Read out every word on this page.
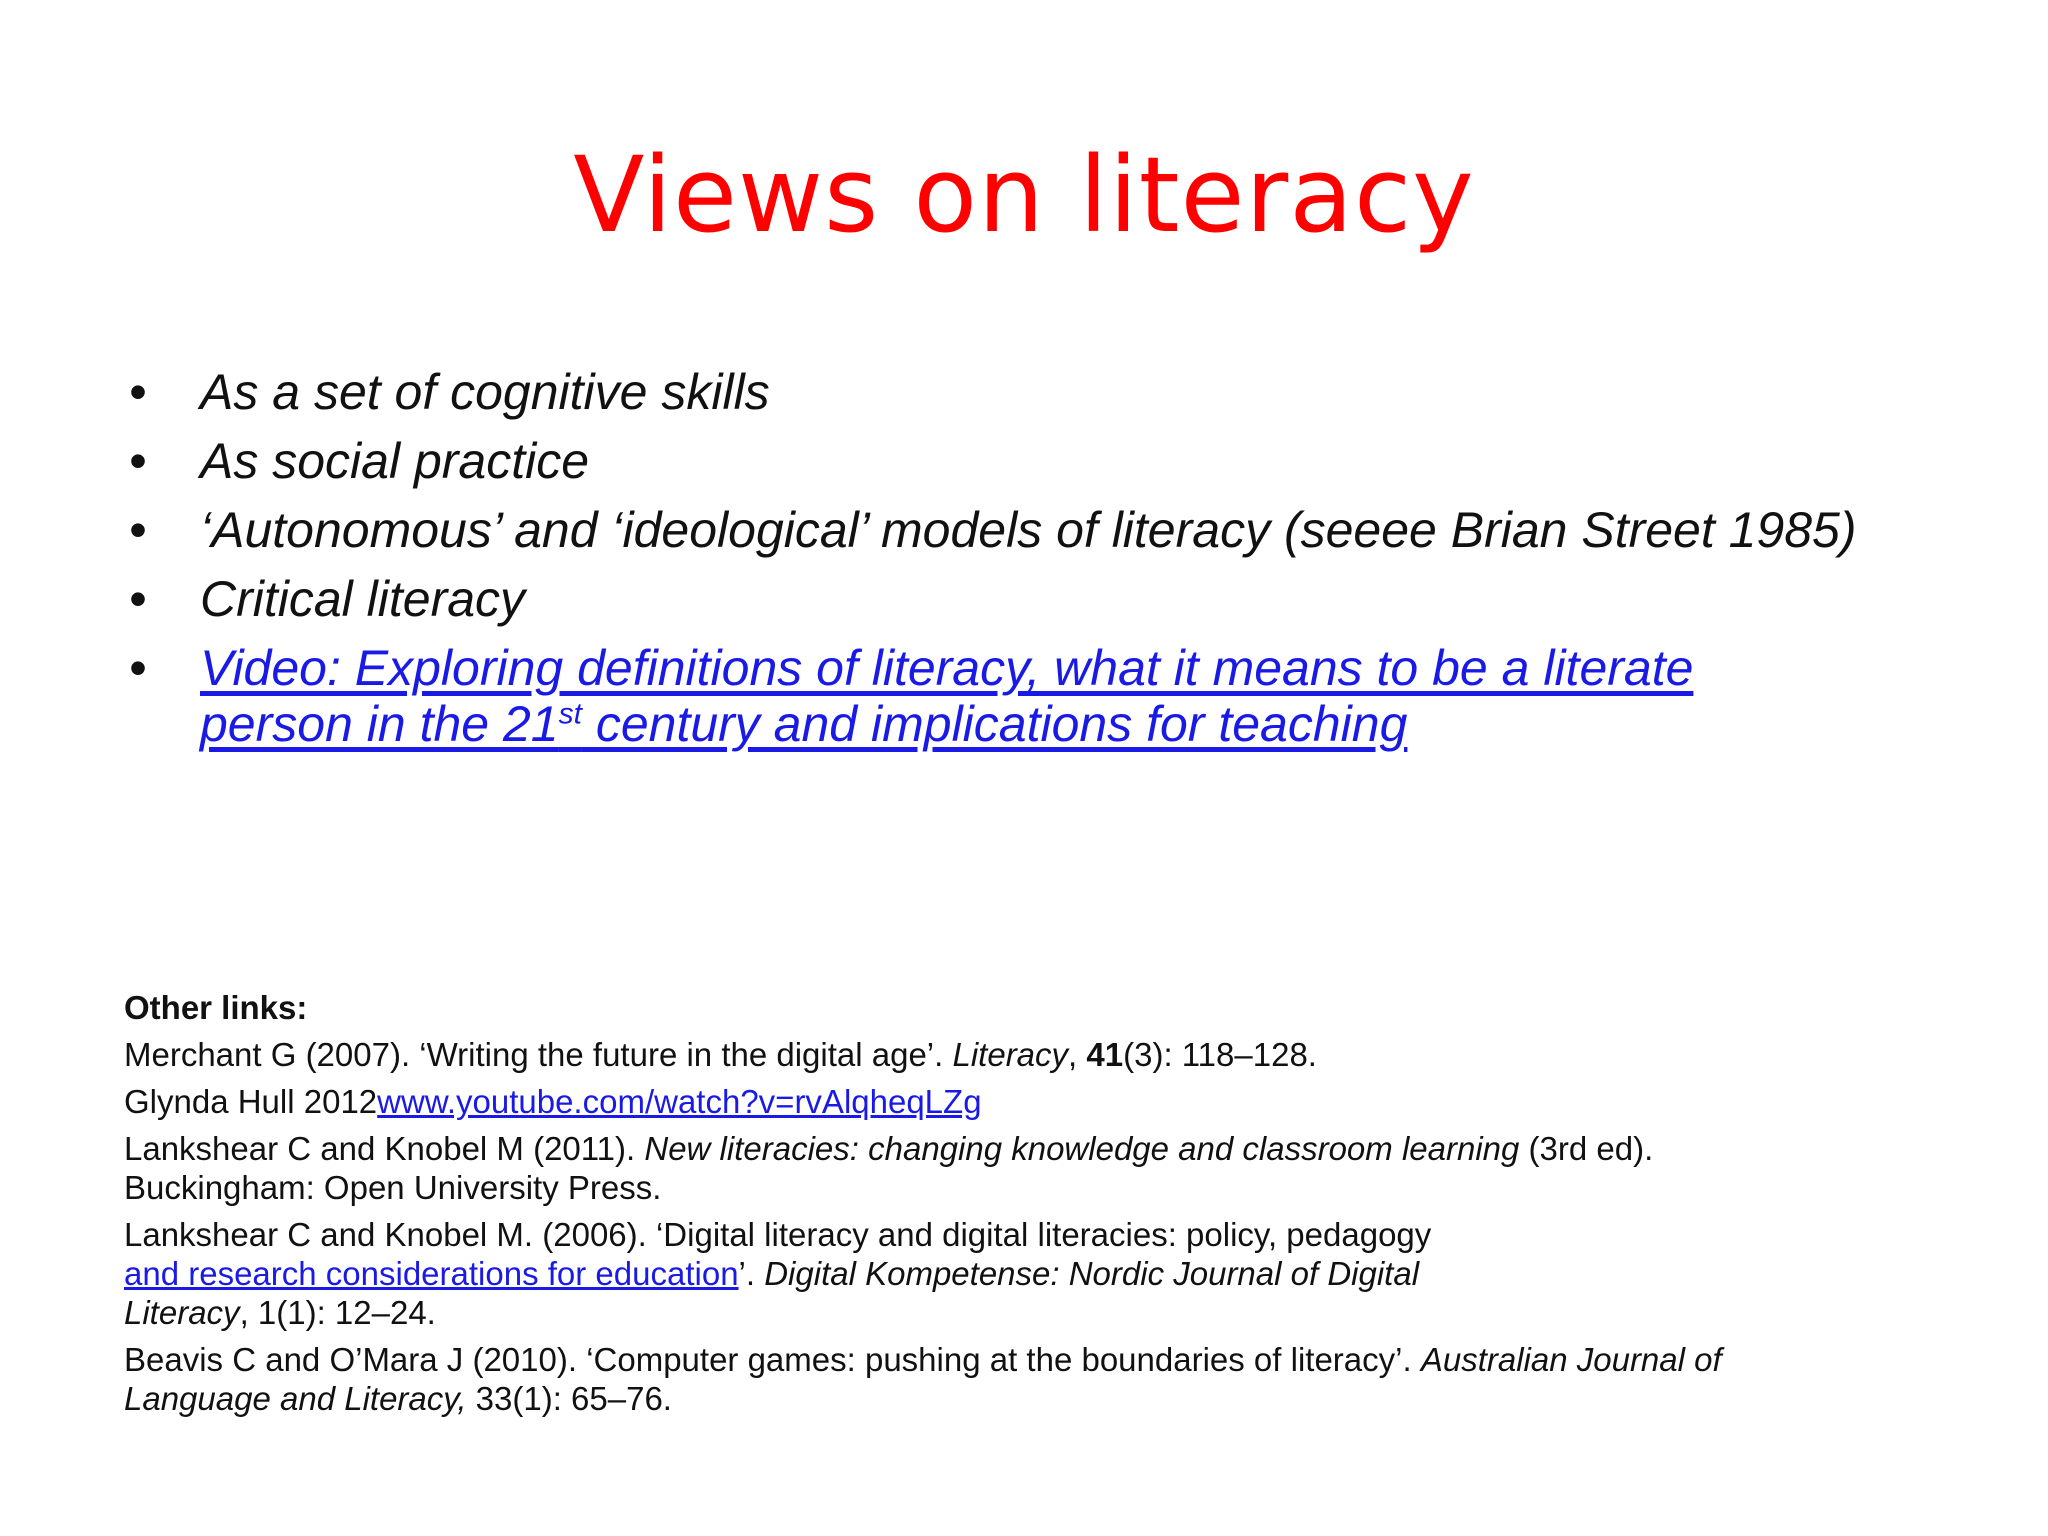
Views on literacy
• As a set of cognitive skills
• As social practice
• ‘Autonomous’ and ‘ideological’ models of literacy (seeee Brian Street 1985)
• Critical literacy
• Video: Exploring definitions of literacy, what it means to be a literate
person in the 21st century and implications for teaching
Other links:
Merchant G (2007). ‘Writing the future in the digital age’. Literacy, 41(3): 118–128.
Glynda Hull 2012www.youtube.com/watch?v=rvAlqheqLZg
Lankshear C and Knobel M (2011). New literacies: changing knowledge and classroom learning (3rd ed).
Buckingham: Open University Press.
Lankshear C and Knobel M. (2006). ‘Digital literacy and digital literacies: policy, pedagogy
and research considerations for education’. Digital Kompetense: Nordic Journal of Digital
Literacy, 1(1): 12–24.
Beavis C and O’Mara J (2010). ‘Computer games: pushing at the boundaries of literacy’. Australian Journal of
Language and Literacy, 33(1): 65–76.
